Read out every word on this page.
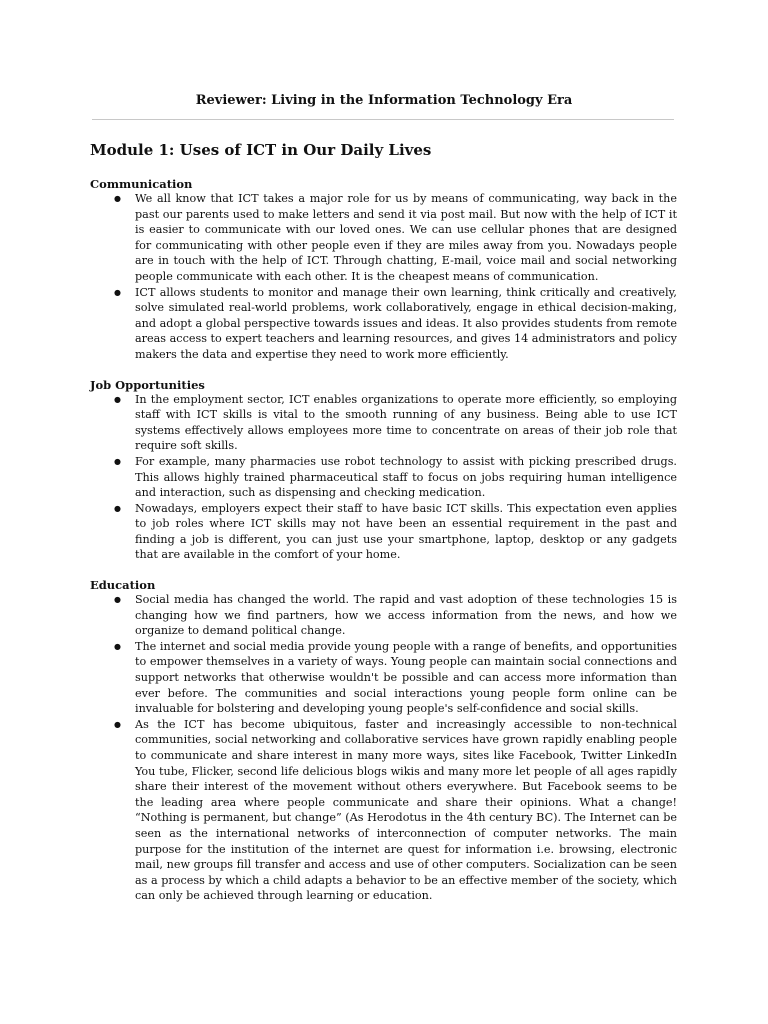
Reviewer: Living in the Information Technology Era
Module 1: Uses of ICT in Our Daily Lives
Communication
● We all know that ICT takes a major role for us by means of communicating, way back in the past our parents used to make letters and send it via post mail. But now with the help of ICT it is easier to communicate with our loved ones. We can use cellular phones that are designed for communicating with other people even if they are miles away from you. Nowadays people are in touch with the help of ICT. Through chatting, E-mail, voice mail and social networking people communicate with each other. It is the cheapest means of communication.
● ICT allows students to monitor and manage their own learning, think critically and creatively, solve simulated real-world problems, work collaboratively, engage in ethical decision-making, and adopt a global perspective towards issues and ideas. It also provides students from remote areas access to expert teachers and learning resources, and gives 14 administrators and policy makers the data and expertise they need to work more efficiently.
Job Opportunities
● In the employment sector, ICT enables organizations to operate more efficiently, so employing staff with ICT skills is vital to the smooth running of any business. Being able to use ICT systems effectively allows employees more time to concentrate on areas of their job role that require soft skills.
● For example, many pharmacies use robot technology to assist with picking prescribed drugs. This allows highly trained pharmaceutical staff to focus on jobs requiring human intelligence and interaction, such as dispensing and checking medication.
● Nowadays, employers expect their staff to have basic ICT skills. This expectation even applies to job roles where ICT skills may not have been an essential requirement in the past and finding a job is different, you can just use your smartphone, laptop, desktop or any gadgets that are available in the comfort of your home.
Education
● Social media has changed the world. The rapid and vast adoption of these technologies 15 is changing how we find partners, how we access information from the news, and how we organize to demand political change.
● The internet and social media provide young people with a range of benefits, and opportunities to empower themselves in a variety of ways. Young people can maintain social connections and support networks that otherwise wouldn't be possible and can access more information than ever before. The communities and social interactions young people form online can be invaluable for bolstering and developing young people's self-confidence and social skills.
● As the ICT has become ubiquitous, faster and increasingly accessible to non-technical communities, social networking and collaborative services have grown rapidly enabling people to communicate and share interest in many more ways, sites like Facebook, Twitter LinkedIn You tube, Flicker, second life delicious blogs wikis and many more let people of all ages rapidly share their interest of the movement without others everywhere. But Facebook seems to be the leading area where people communicate and share their opinions. What a change! “Nothing is permanent, but change” (As Herodotus in the 4th century BC). The Internet can be seen as the international networks of interconnection of computer networks. The main purpose for the institution of the internet are quest for information i.e. browsing, electronic mail, new groups fill transfer and access and use of other computers. Socialization can be seen as a process by which a child adapts a behavior to be an effective member of the society, which can only be achieved through learning or education.
